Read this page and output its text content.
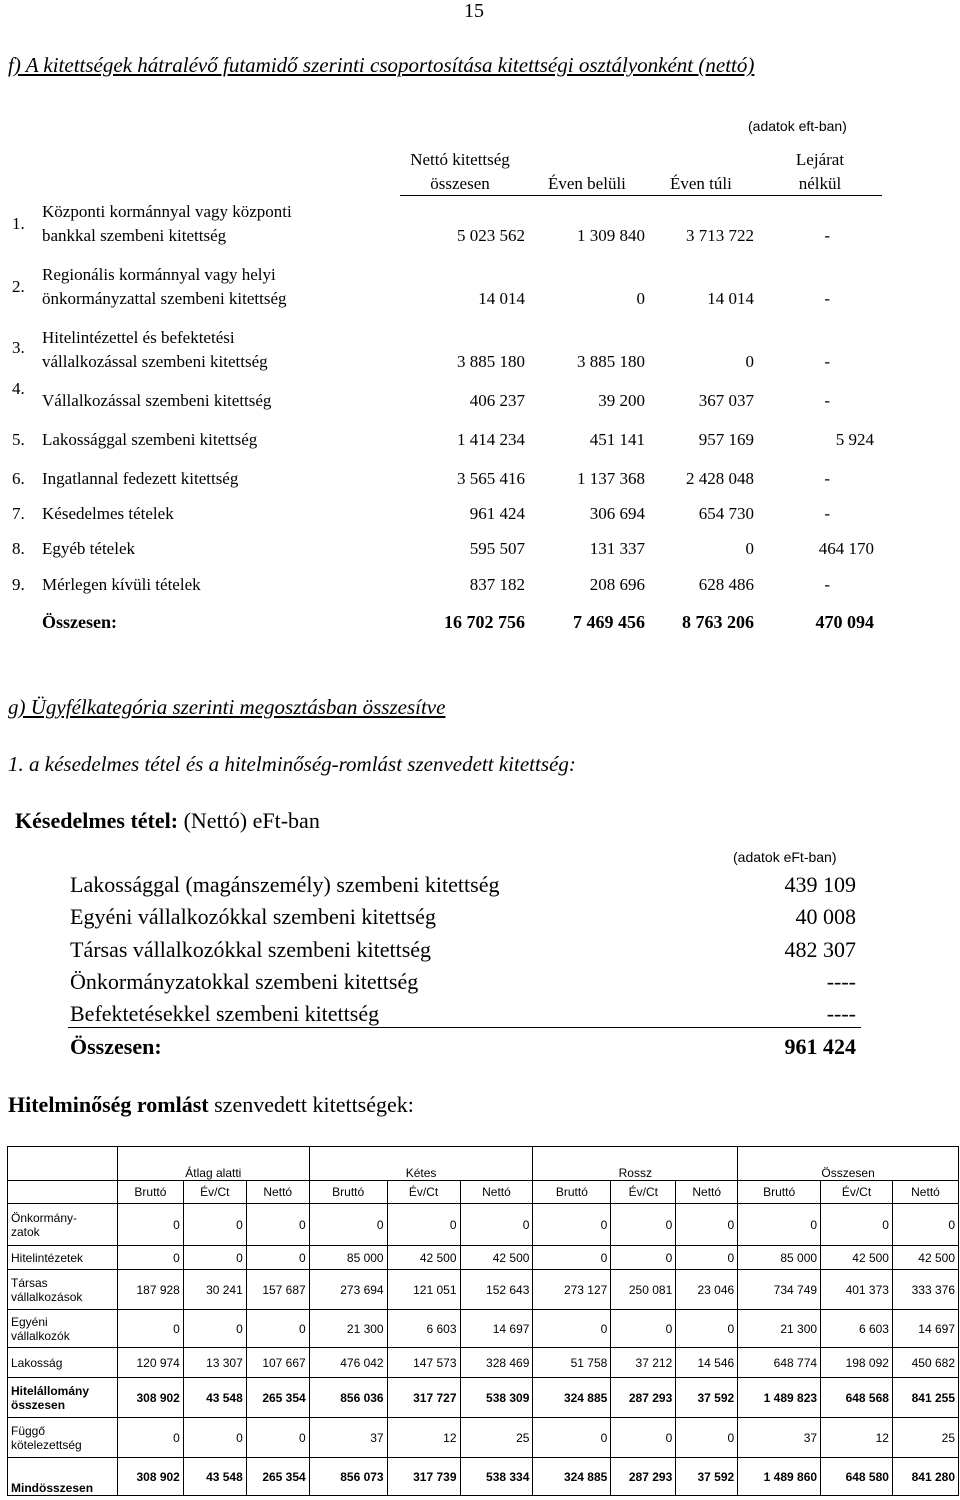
15
f) A kitettségek hátralévő futamidő szerinti csoportosítása kitettségi osztályonként (nettó)
(adatok eft-ban)
Nettó kitettség
összesen	Éven belüli	Éven túli
Lejárat
nélkül
1.
Központi kormánnyal vagy központi
bankkal szembeni kitettség	5 023 562	1 309 840	3 713 722	-
2.
Regionális kormánnyal vagy helyi
önkormányzattal szembeni kitettség	14 014	0	14 014	-
3.
Hitelintézettel és befektetési
vállalkozással szembeni kitettség	3 885 180	3 885 180	0	-
4.
Vállalkozással szembeni kitettség	406 237	39 200	367 037	-
5. Lakossággal szembeni kitettség	1 414 234	451 141	957 169	5 924
6. Ingatlannal fedezett kitettség	3 565 416	1 137 368	2 428 048	-
7. Késedelmes tételek	961 424	306 694	654 730	-
8. Egyéb tételek	595 507	131 337	0	464 170
9. Mérlegen kívüli tételek	837 182	208 696	628 486	-
Összesen:	16 702 756	7 469 456	8 763 206	470 094
g) Ügyfélkategória szerinti megosztásban összesítve
1. a késedelmes tétel és a hitelminőség-romlást szenvedett kitettség:
Késedelmes tétel: (Nettó) eFt-ban
(adatok eFt-ban)
Lakossággal (magánszemély) szembeni kitettség	439 109
Egyéni vállalkozókkal szembeni kitettség	40 008
Társas vállalkozókkal szembeni kitettség	482 307
Önkormányzatokkal szembeni kitettség	----
Befektetésekkel szembeni kitettség	----
Összesen:	961 424
Hitelminőség romlást szenvedett kitettségek:
	Átlag alatti			Kétes			Rossz			Összesen		
	Bruttó	Év/Ct	Nettó	Bruttó	Év/Ct	Nettó	Bruttó	Év/Ct	Nettó	Bruttó	Év/Ct	Nettó

Önkormány-
zatok	0	0	0	0	0	0	0	0	0	0	0	0

Hitelintézetek	0	0	0	85 000	42 500	42 500	0	0	0	85 000	42 500	42 500

Társas
vállalkozások	187 928	30 241	157 687	273 694	121 051	152 643	273 127	250 081	23 046	734 749	401 373	333 376

Egyéni
vállalkozók	0	0	0	21 300	6 603	14 697	0	0	0	21 300	6 603	14 697

Lakosság	120 974	13 307	107 667	476 042	147 573	328 469	51 758	37 212	14 546	648 774	198 092	450 682

Hitelállomány
összesen	308 902	43 548	265 354	856 036	317 727	538 309	324 885	287 293	37 592	1 489 823	648 568	841 255

Függő
kötelezettség	0	0	0	37	12	25	0	0	0	37	12	25

Mindösszesen	308 902	43 548	265 354	856 073	317 739	538 334	324 885	287 293	37 592	1 489 860	648 580	841 280
